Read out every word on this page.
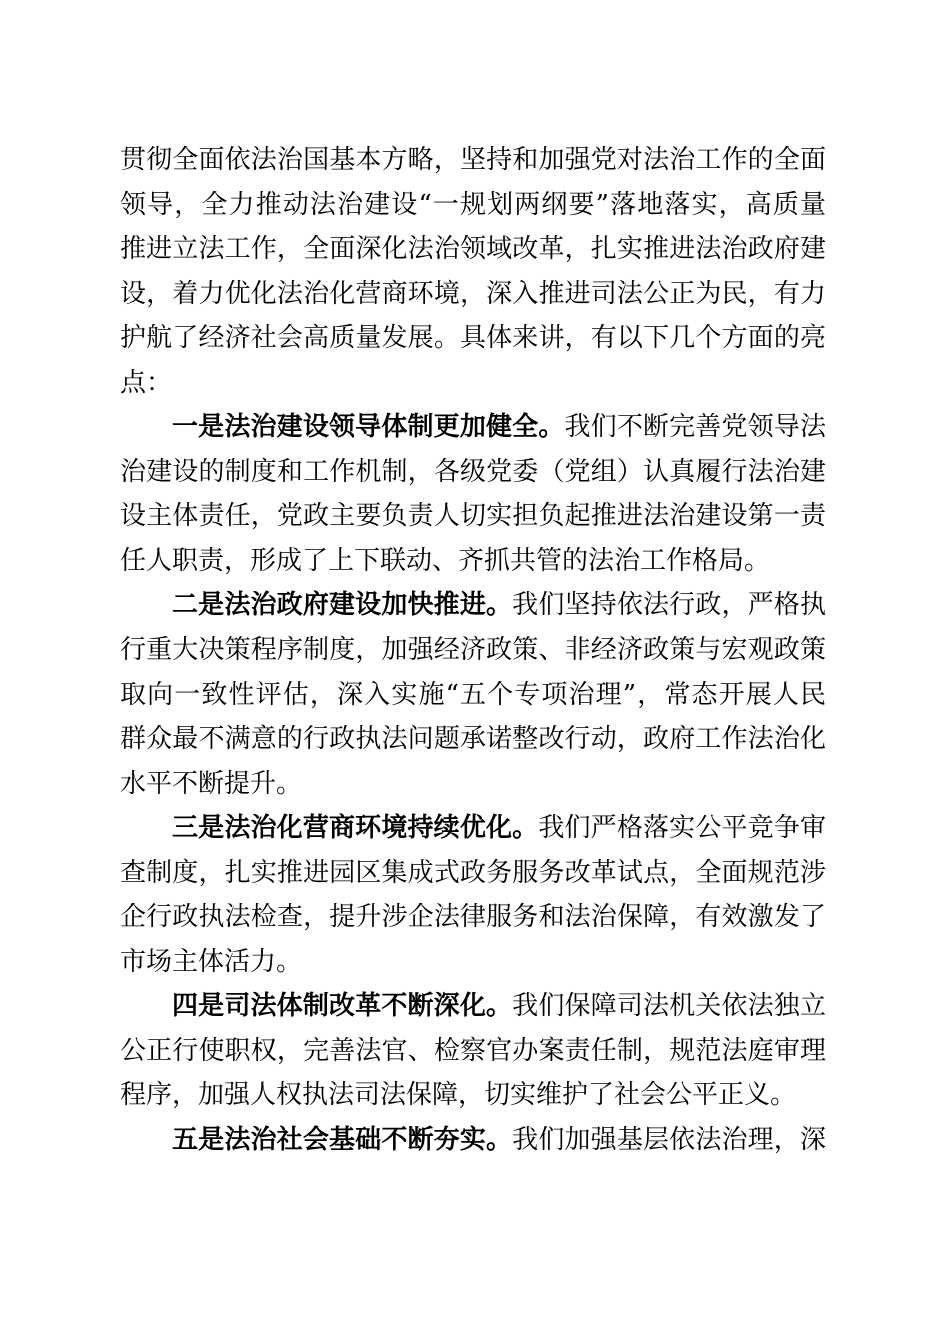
贯彻全面依法治国基本方略，坚持和加强党对法治工作的全面
领导，全力推动法治建设“一规划两纲要”落地落实，高质量
推进立法工作，全面深化法治领域改革，扎实推进法治政府建
设，着力优化法治化营商环境，深入推进司法公正为民，有力
护航了经济社会高质量发展。具体来讲，有以下几个方面的亮
点：
一是法治建设领导体制更加健全。我们不断完善党领导法
治建设的制度和工作机制，各级党委（党组）认真履行法治建
设主体责任，党政主要负责人切实担负起推进法治建设第一责
任人职责，形成了上下联动、齐抓共管的法治工作格局。
二是法治政府建设加快推进。我们坚持依法行政，严格执
行重大决策程序制度，加强经济政策、非经济政策与宏观政策
取向一致性评估，深入实施“五个专项治理”，常态开展人民
群众最不满意的行政执法问题承诺整改行动，政府工作法治化
水平不断提升。
三是法治化营商环境持续优化。我们严格落实公平竞争审
查制度，扎实推进园区集成式政务服务改革试点，全面规范涉
企行政执法检查，提升涉企法律服务和法治保障，有效激发了
市场主体活力。
四是司法体制改革不断深化。我们保障司法机关依法独立
公正行使职权，完善法官、检察官办案责任制，规范法庭审理
程序，加强人权执法司法保障，切实维护了社会公平正义。
五是法治社会基础不断夯实。我们加强基层依法治理，深
